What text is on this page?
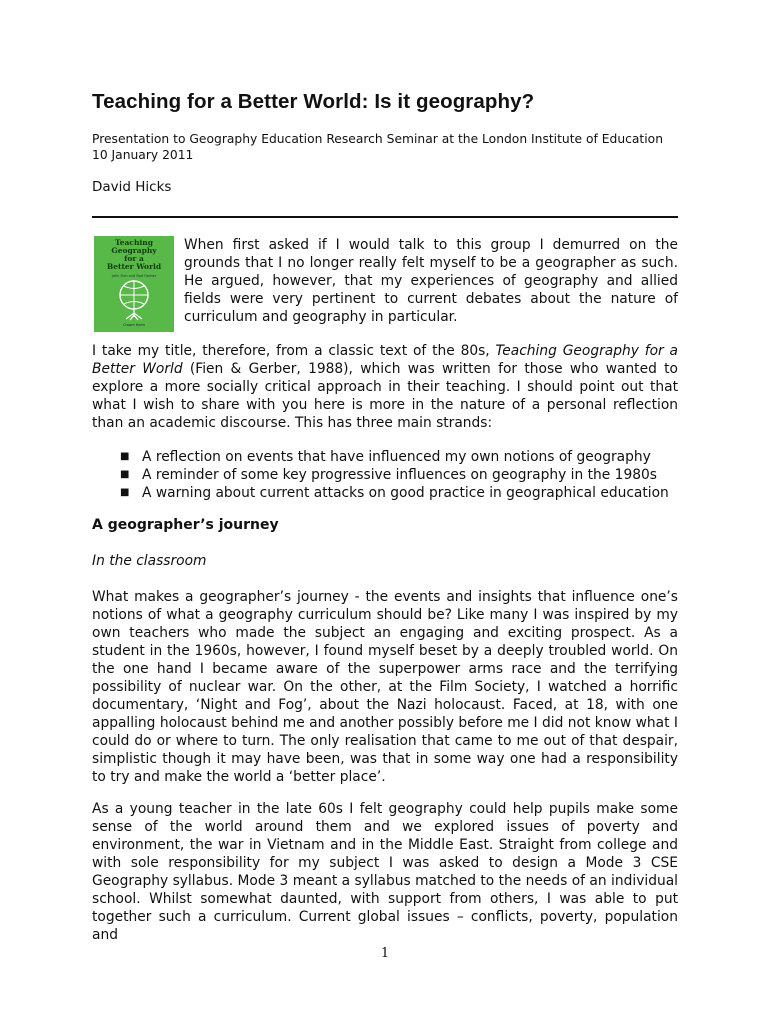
Teaching for a Better World: Is it geography?
Presentation to Geography Education Research Seminar at the London Institute of Education
10 January 2011
David Hicks
Teaching
Geography
for a
Better World
John Fien and Rod Gerber
Croom Helm
When first asked if I would talk to this group I demurred on the grounds that I no longer really felt myself to be a geographer as such. He argued, however, that my experiences of geography and allied fields were very pertinent to current debates about the nature of curriculum and geography in particular.
I take my title, therefore, from a classic text of the 80s, Teaching Geography for a Better World (Fien & Gerber, 1988), which was written for those who wanted to explore a more socially critical approach in their teaching. I should point out that what I wish to share with you here is more in the nature of a personal reflection than an academic discourse. This has three main strands:
■ A reflection on events that have influenced my own notions of geography
■ A reminder of some key progressive influences on geography in the 1980s
■ A warning about current attacks on good practice in geographical education
A geographer’s journey
In the classroom
What makes a geographer’s journey - the events and insights that influence one’s notions of what a geography curriculum should be? Like many I was inspired by my own teachers who made the subject an engaging and exciting prospect. As a student in the 1960s, however, I found myself beset by a deeply troubled world. On the one hand I became aware of the superpower arms race and the terrifying possibility of nuclear war. On the other, at the Film Society, I watched a horrific documentary, ‘Night and Fog’, about the Nazi holocaust. Faced, at 18, with one appalling holocaust behind me and another possibly before me I did not know what I could do or where to turn. The only realisation that came to me out of that despair, simplistic though it may have been, was that in some way one had a responsibility to try and make the world a ‘better place’.
As a young teacher in the late 60s I felt geography could help pupils make some sense of the world around them and we explored issues of poverty and environment, the war in Vietnam and in the Middle East. Straight from college and with sole responsibility for my subject I was asked to design a Mode 3 CSE Geography syllabus. Mode 3 meant a syllabus matched to the needs of an individual school. Whilst somewhat daunted, with support from others, I was able to put together such a curriculum. Current global issues – conflicts, poverty, population and
1
